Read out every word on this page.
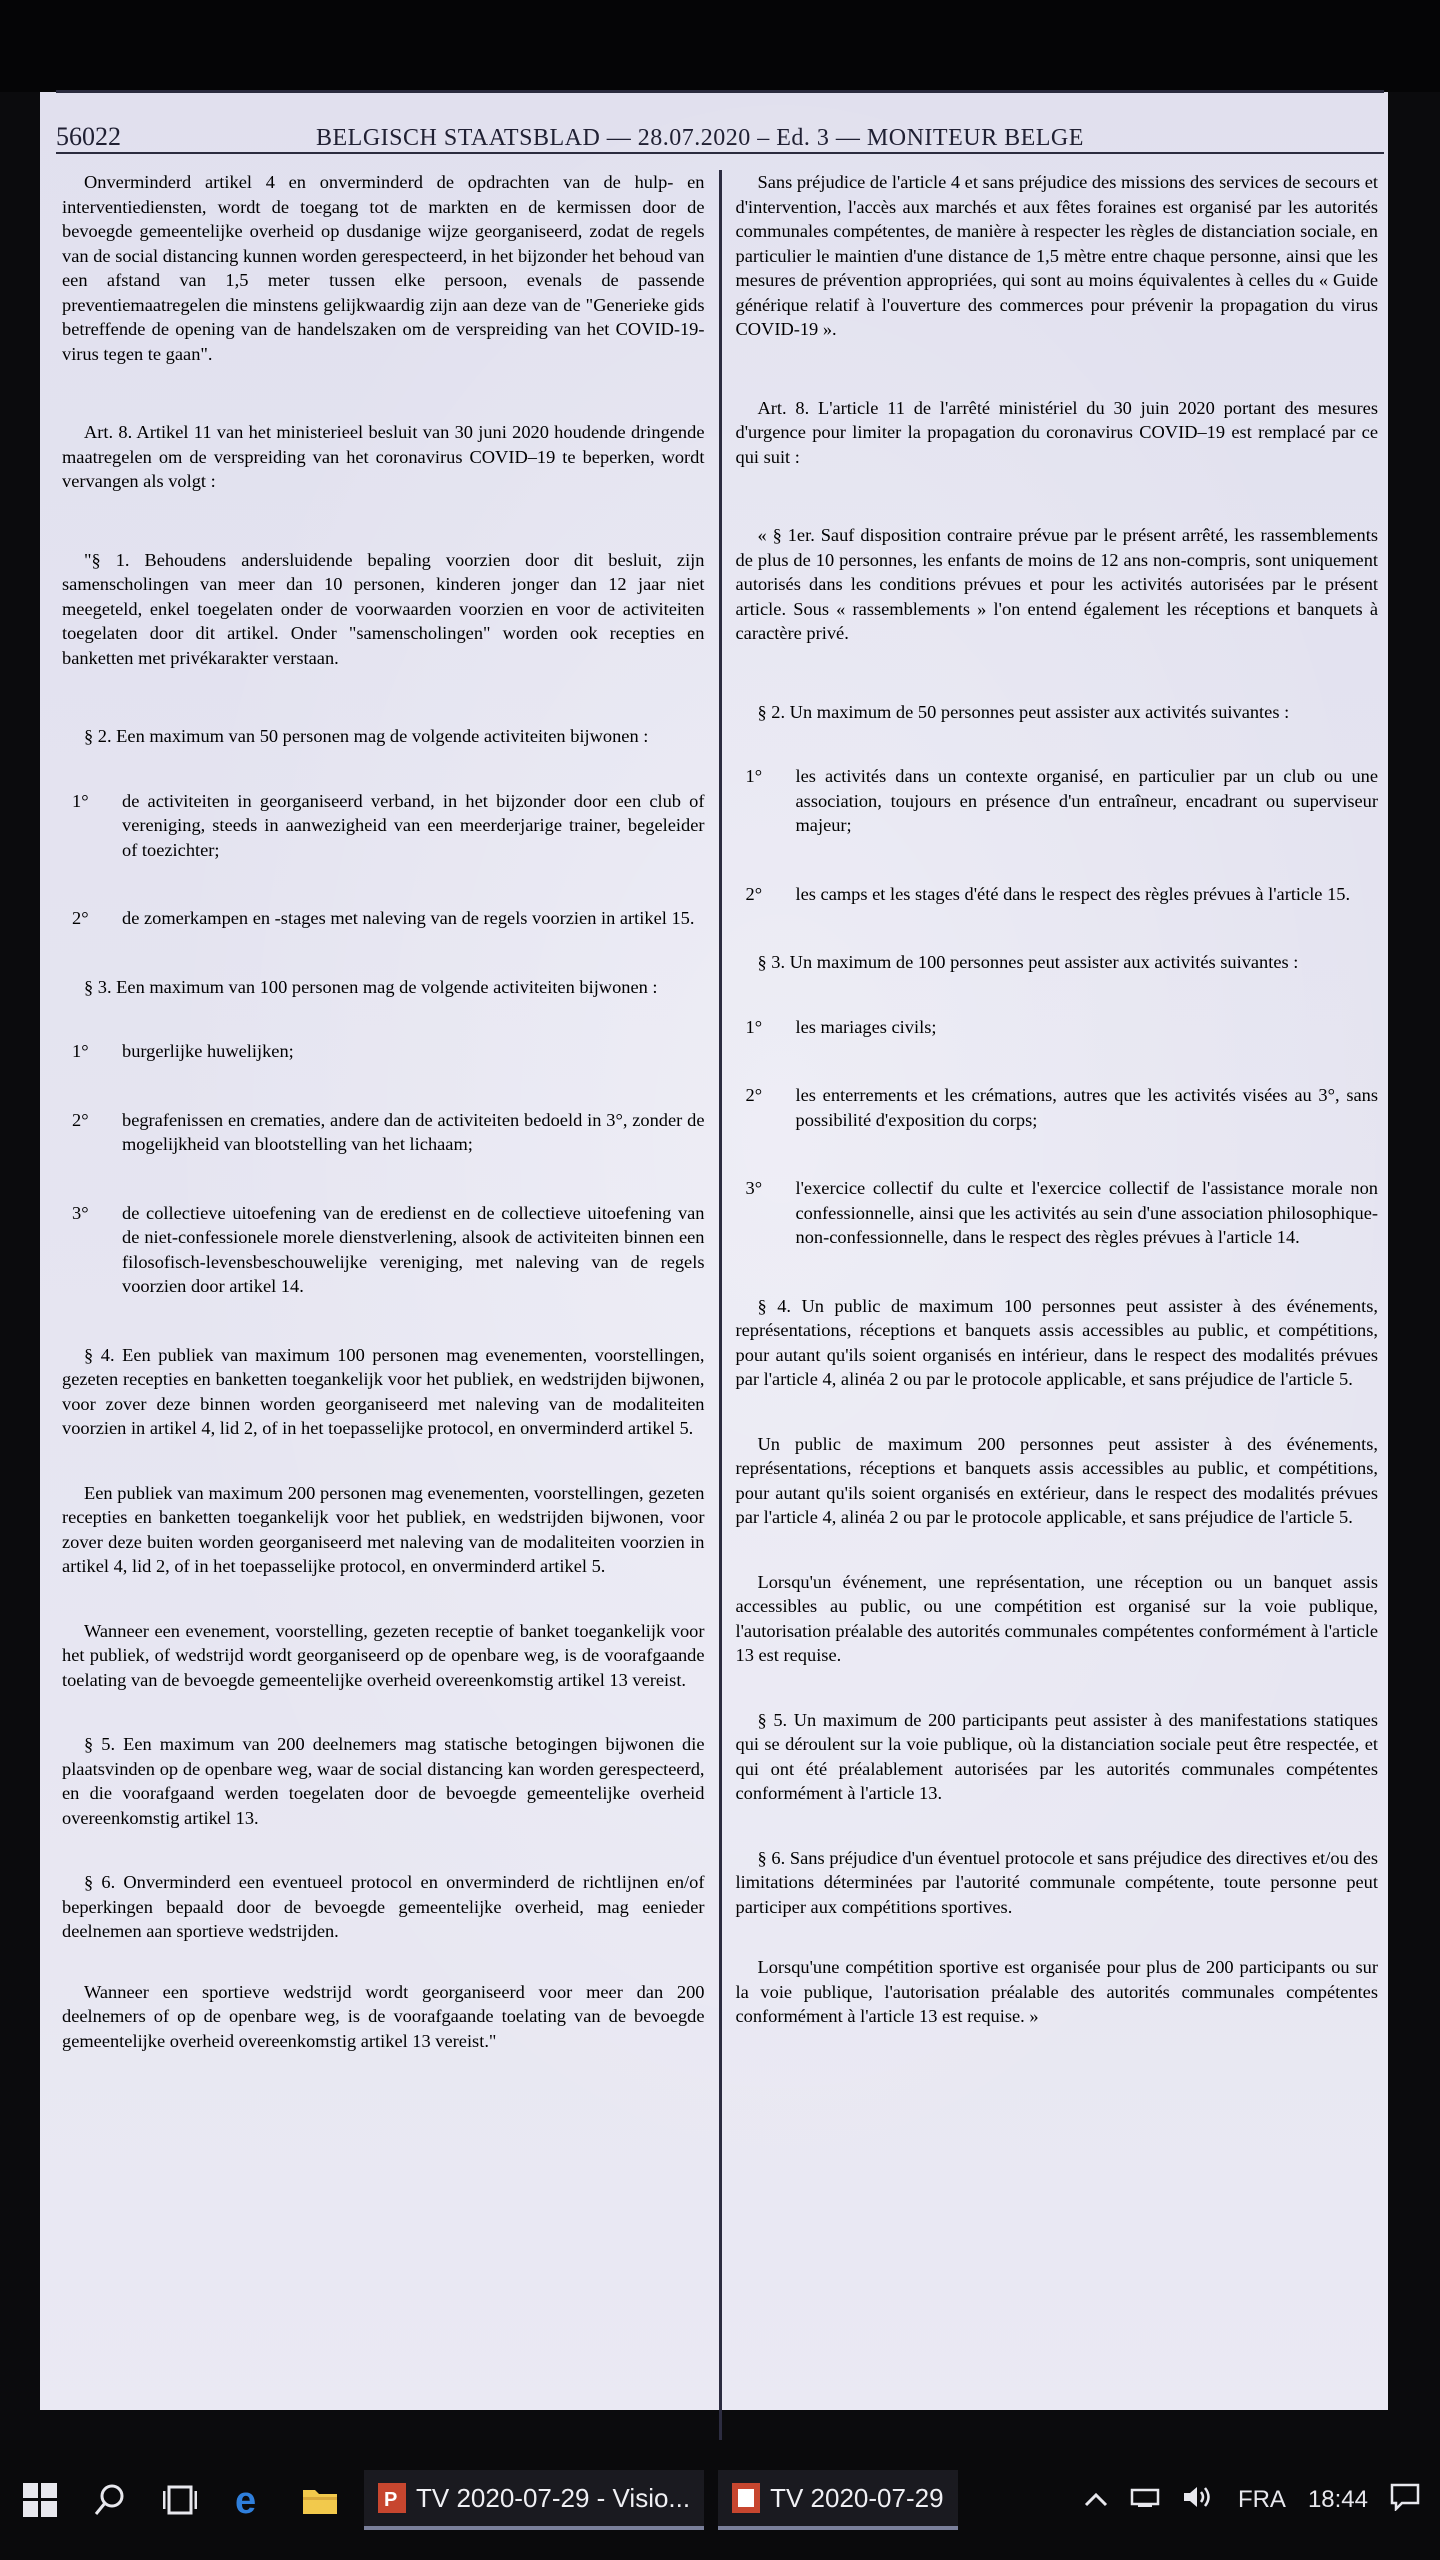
56022	BELGISCH STAATSBLAD — 28.07.2020 – Ed. 3 — MONITEUR BELGE

Onverminderd artikel 4 en onverminderd de opdrachten van de hulp- en interventiediensten, wordt de toegang tot de markten en de kermissen door de bevoegde gemeentelijke overheid op dusdanige wijze georganiseerd, zodat de regels van de social distancing kunnen worden gerespecteerd, in het bijzonder het behoud van een afstand van 1,5 meter tussen elke persoon, evenals de passende preventiemaatregelen die minstens gelijkwaardig zijn aan deze van de "Generieke gids betreffende de opening van de handelszaken om de verspreiding van het COVID-19-virus tegen te gaan".

Art. 8. Artikel 11 van het ministerieel besluit van 30 juni 2020 houdende dringende maatregelen om de verspreiding van het coronavirus COVID–19 te beperken, wordt vervangen als volgt :

"§ 1. Behoudens andersluidende bepaling voorzien door dit besluit, zijn samenscholingen van meer dan 10 personen, kinderen jonger dan 12 jaar niet meegeteld, enkel toegelaten onder de voorwaarden voorzien en voor de activiteiten toegelaten door dit artikel. Onder "samenscholingen" worden ook recepties en banketten met privékarakter verstaan.

§ 2. Een maximum van 50 personen mag de volgende activiteiten bijwonen :

1°	de activiteiten in georganiseerd verband, in het bijzonder door een club of vereniging, steeds in aanwezigheid van een meerderjarige trainer, begeleider of toezichter;
2°	de zomerkampen en -stages met naleving van de regels voorzien in artikel 15.

§ 3. Een maximum van 100 personen mag de volgende activiteiten bijwonen :

1°	burgerlijke huwelijken;
2°	begrafenissen en crematies, andere dan de activiteiten bedoeld in 3°, zonder de mogelijkheid van blootstelling van het lichaam;
3°	de collectieve uitoefening van de eredienst en de collectieve uitoefening van de niet-confessionele morele dienstverlening, alsook de activiteiten binnen een filosofisch-levensbeschouwelijke vereniging, met naleving van de regels voorzien door artikel 14.

§ 4. Een publiek van maximum 100 personen mag evenementen, voorstellingen, gezeten recepties en banketten toegankelijk voor het publiek, en wedstrijden bijwonen, voor zover deze binnen worden georganiseerd met naleving van de modaliteiten voorzien in artikel 4, lid 2, of in het toepasselijke protocol, en onverminderd artikel 5.

Een publiek van maximum 200 personen mag evenementen, voorstellingen, gezeten recepties en banketten toegankelijk voor het publiek, en wedstrijden bijwonen, voor zover deze buiten worden georganiseerd met naleving van de modaliteiten voorzien in artikel 4, lid 2, of in het toepasselijke protocol, en onverminderd artikel 5.

Wanneer een evenement, voorstelling, gezeten receptie of banket toegankelijk voor het publiek, of wedstrijd wordt georganiseerd op de openbare weg, is de voorafgaande toelating van de bevoegde gemeentelijke overheid overeenkomstig artikel 13 vereist.

§ 5. Een maximum van 200 deelnemers mag statische betogingen bijwonen die plaatsvinden op de openbare weg, waar de social distancing kan worden gerespecteerd, en die voorafgaand werden toegelaten door de bevoegde gemeentelijke overheid overeenkomstig artikel 13.

§ 6. Onverminderd een eventueel protocol en onverminderd de richtlijnen en/of beperkingen bepaald door de bevoegde gemeentelijke overheid, mag eenieder deelnemen aan sportieve wedstrijden.

Wanneer een sportieve wedstrijd wordt georganiseerd voor meer dan 200 deelnemers of op de openbare weg, is de voorafgaande toelating van de bevoegde gemeentelijke overheid overeenkomstig artikel 13 vereist."

Sans préjudice de l'article 4 et sans préjudice des missions des services de secours et d'intervention, l'accès aux marchés et aux fêtes foraines est organisé par les autorités communales compétentes, de manière à respecter les règles de distanciation sociale, en particulier le maintien d'une distance de 1,5 mètre entre chaque personne, ainsi que les mesures de prévention appropriées, qui sont au moins équivalentes à celles du « Guide générique relatif à l'ouverture des commerces pour prévenir la propagation du virus COVID-19 ».

Art. 8. L'article 11 de l'arrêté ministériel du 30 juin 2020 portant des mesures d'urgence pour limiter la propagation du coronavirus COVID–19 est remplacé par ce qui suit :

« § 1er. Sauf disposition contraire prévue par le présent arrêté, les rassemblements de plus de 10 personnes, les enfants de moins de 12 ans non-compris, sont uniquement autorisés dans les conditions prévues et pour les activités autorisées par le présent article. Sous « rassemblements » l'on entend également les réceptions et banquets à caractère privé.

§ 2. Un maximum de 50 personnes peut assister aux activités suivantes :

1°	les activités dans un contexte organisé, en particulier par un club ou une association, toujours en présence d'un entraîneur, encadrant ou superviseur majeur;
2°	les camps et les stages d'été dans le respect des règles prévues à l'article 15.

§ 3. Un maximum de 100 personnes peut assister aux activités suivantes :

1°	les mariages civils;
2°	les enterrements et les crémations, autres que les activités visées au 3°, sans possibilité d'exposition du corps;
3°	l'exercice collectif du culte et l'exercice collectif de l'assistance morale non confessionnelle, ainsi que les activités au sein d'une association philosophique-non-confessionnelle, dans le respect des règles prévues à l'article 14.

§ 4. Un public de maximum 100 personnes peut assister à des événements, représentations, réceptions et banquets assis accessibles au public, et compétitions, pour autant qu'ils soient organisés en intérieur, dans le respect des modalités prévues par l'article 4, alinéa 2 ou par le protocole applicable, et sans préjudice de l'article 5.

Un public de maximum 200 personnes peut assister à des événements, représentations, réceptions et banquets assis accessibles au public, et compétitions, pour autant qu'ils soient organisés en extérieur, dans le respect des modalités prévues par l'article 4, alinéa 2 ou par le protocole applicable, et sans préjudice de l'article 5.

Lorsqu'un événement, une représentation, une réception ou un banquet assis accessibles au public, ou une compétition est organisé sur la voie publique, l'autorisation préalable des autorités communales compétentes conformément à l'article 13 est requise.

§ 5. Un maximum de 200 participants peut assister à des manifestations statiques qui se déroulent sur la voie publique, où la distanciation sociale peut être respectée, et qui ont été préalablement autorisées par les autorités communales compétentes conformément à l'article 13.

§ 6. Sans préjudice d'un éventuel protocole et sans préjudice des directives et/ou des limitations déterminées par l'autorité communale compétente, toute personne peut participer aux compétitions sportives.

Lorsqu'une compétition sportive est organisée pour plus de 200 participants ou sur la voie publique, l'autorisation préalable des autorités communales compétentes conformément à l'article 13 est requise. »

e	P TV 2020-07-29 - Visio...	TV 2020-07-29	FRA 18:44
